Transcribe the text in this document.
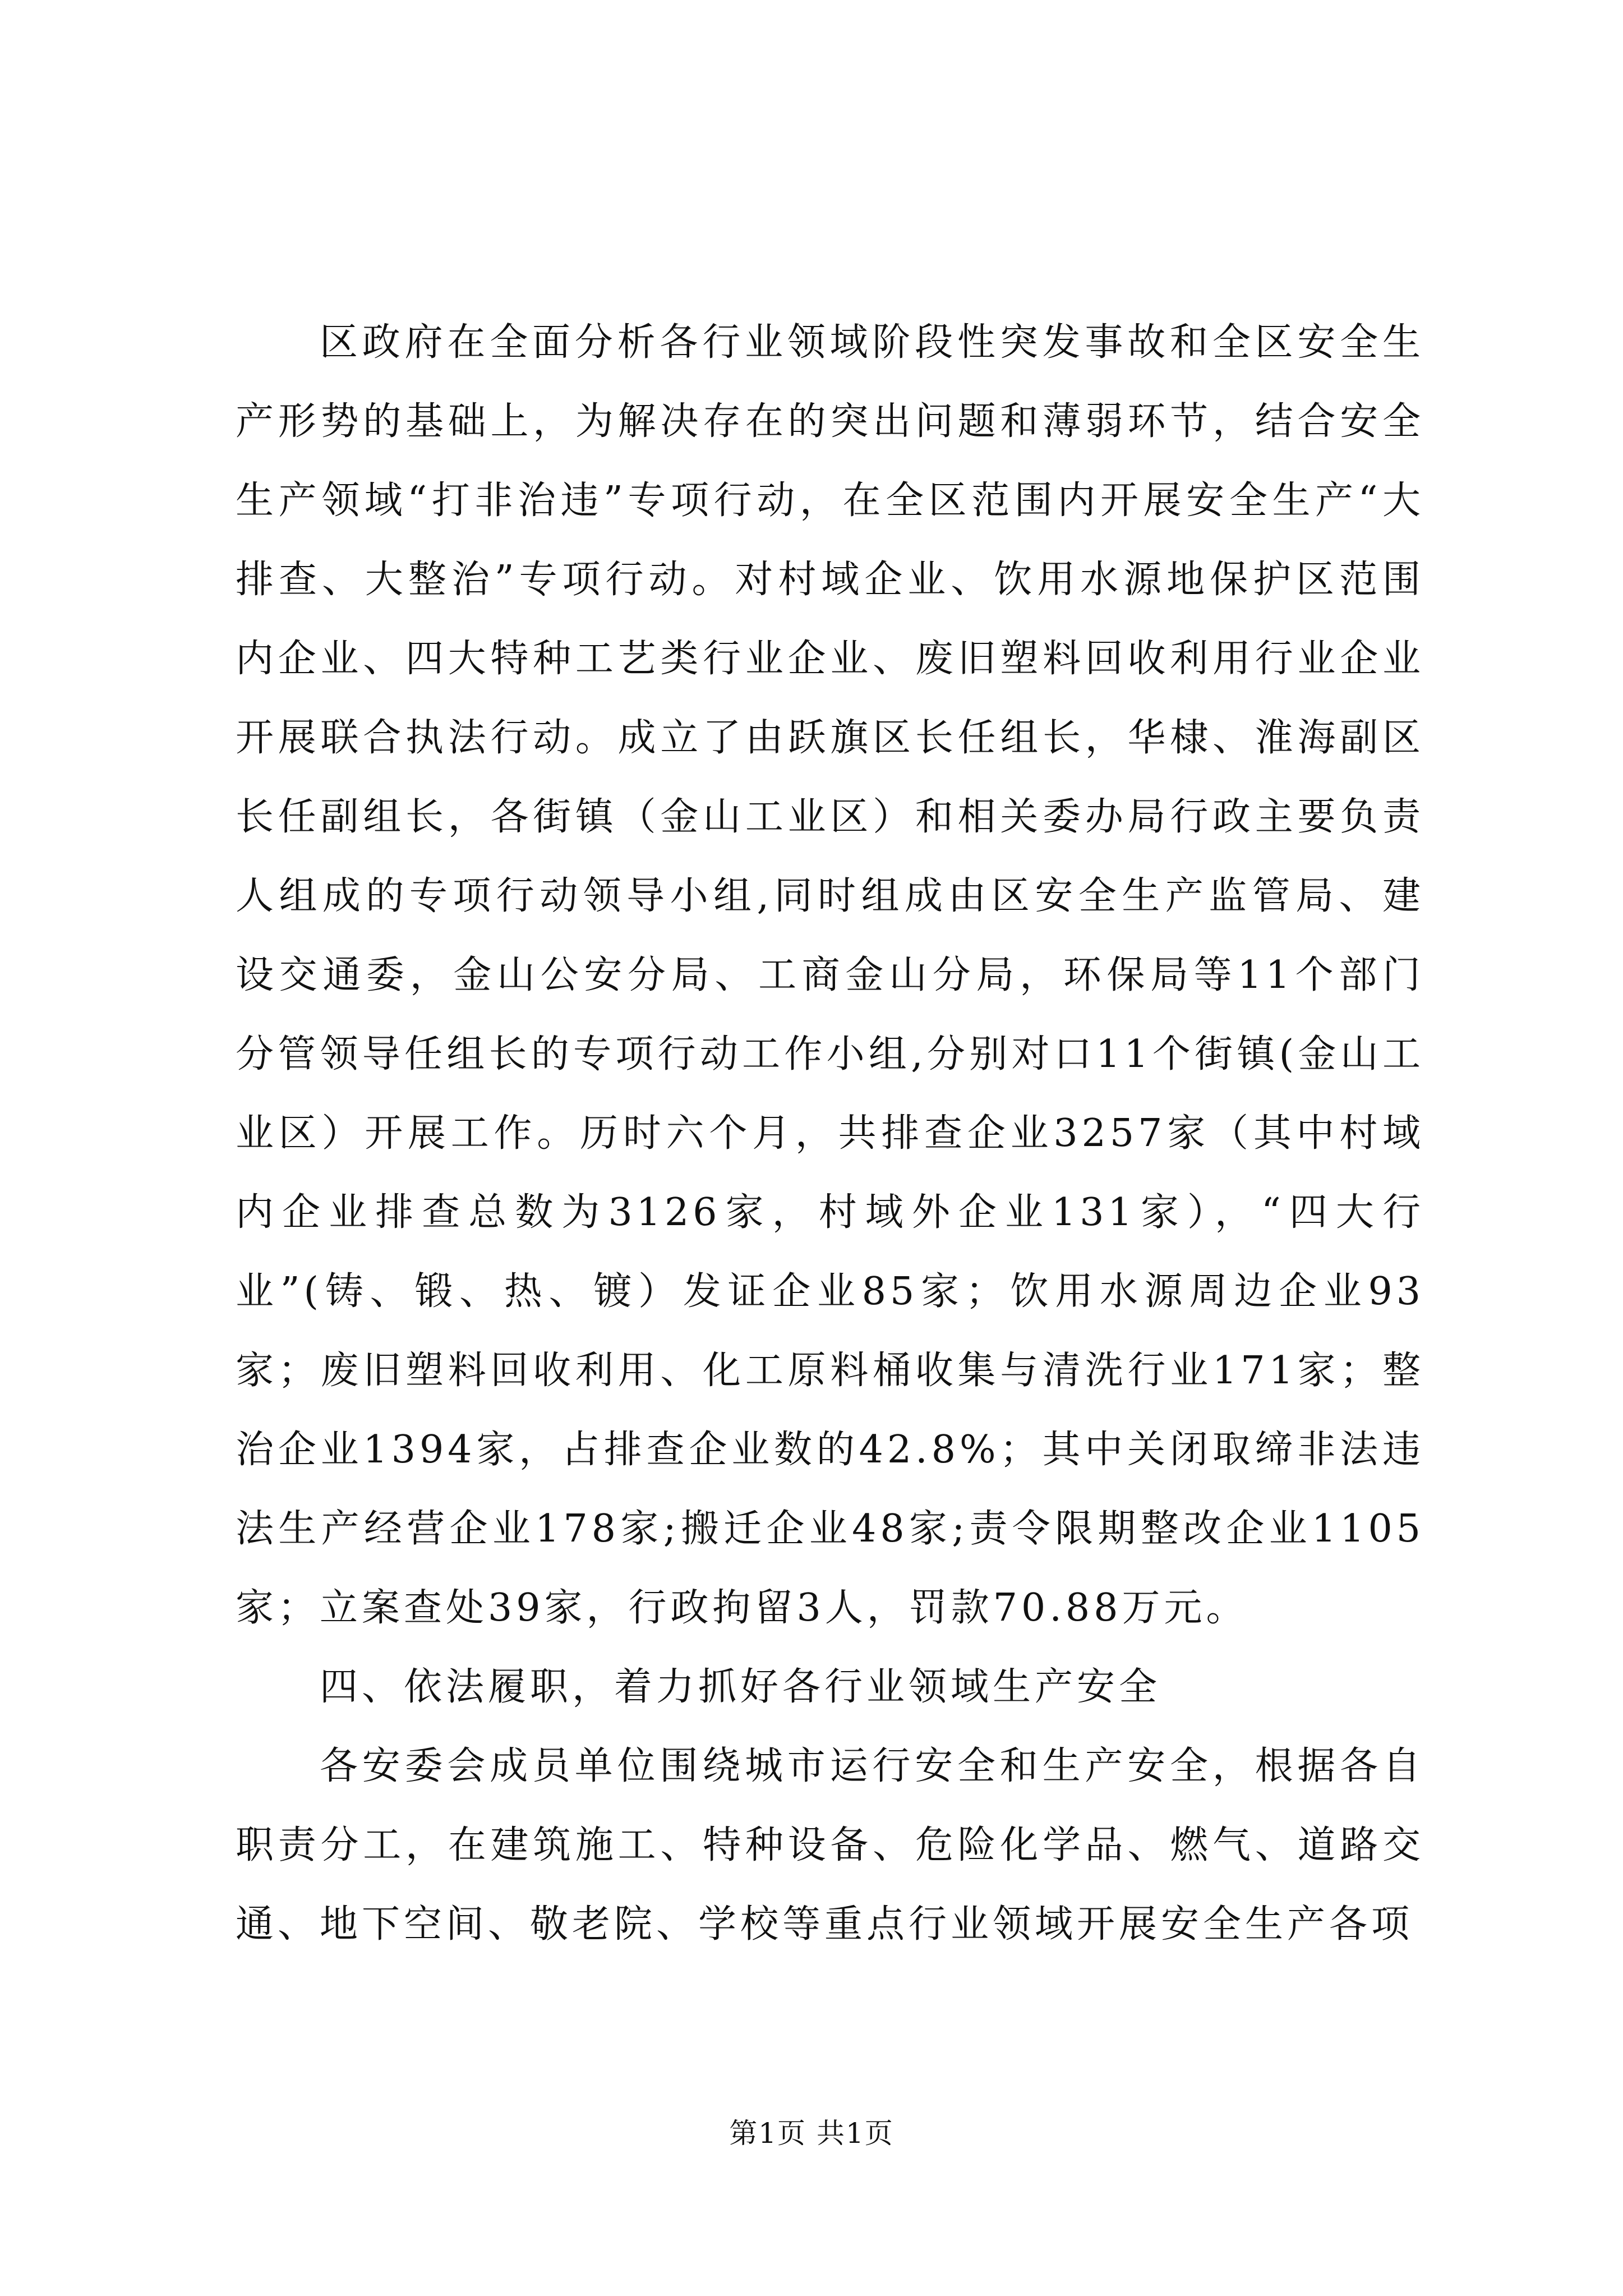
区政府在全面分析各行业领域阶段性突发事故和全区安全生产形势的基础上，为解决存在的突出问题和薄弱环节，结合安全生产领域“打非治违”专项行动，在全区范围内开展安全生产“大排查、大整治”专项行动。对村域企业、饮用水源地保护区范围内企业、四大特种工艺类行业企业、废旧塑料回收利用行业企业开展联合执法行动。成立了由跃旗区长任组长，华棣、淮海副区长任副组长，各街镇（金山工业区）和相关委办局行政主要负责人组成的专项行动领导小组,同时组成由区安全生产监管局、建设交通委，金山公安分局、工商金山分局，环保局等11个部门分管领导任组长的专项行动工作小组,分别对口11个街镇(金山工业区）开展工作。历时六个月，共排查企业3257家（其中村域内企业排查总数为3126家，村域外企业131家），“四大行业”(铸、锻、热、镀）发证企业85家；饮用水源周边企业93家；废旧塑料回收利用、化工原料桶收集与清洗行业171家；整治企业1394家，占排查企业数的42.8%；其中关闭取缔非法违法生产经营企业178家;搬迁企业48家;责令限期整改企业1105家；立案查处39家，行政拘留3人，罚款70.88万元。

四、依法履职，着力抓好各行业领域生产安全

各安委会成员单位围绕城市运行安全和生产安全，根据各自职责分工，在建筑施工、特种设备、危险化学品、燃气、道路交通、地下空间、敬老院、学校等重点行业领域开展安全生产各项

第1页 共1页
